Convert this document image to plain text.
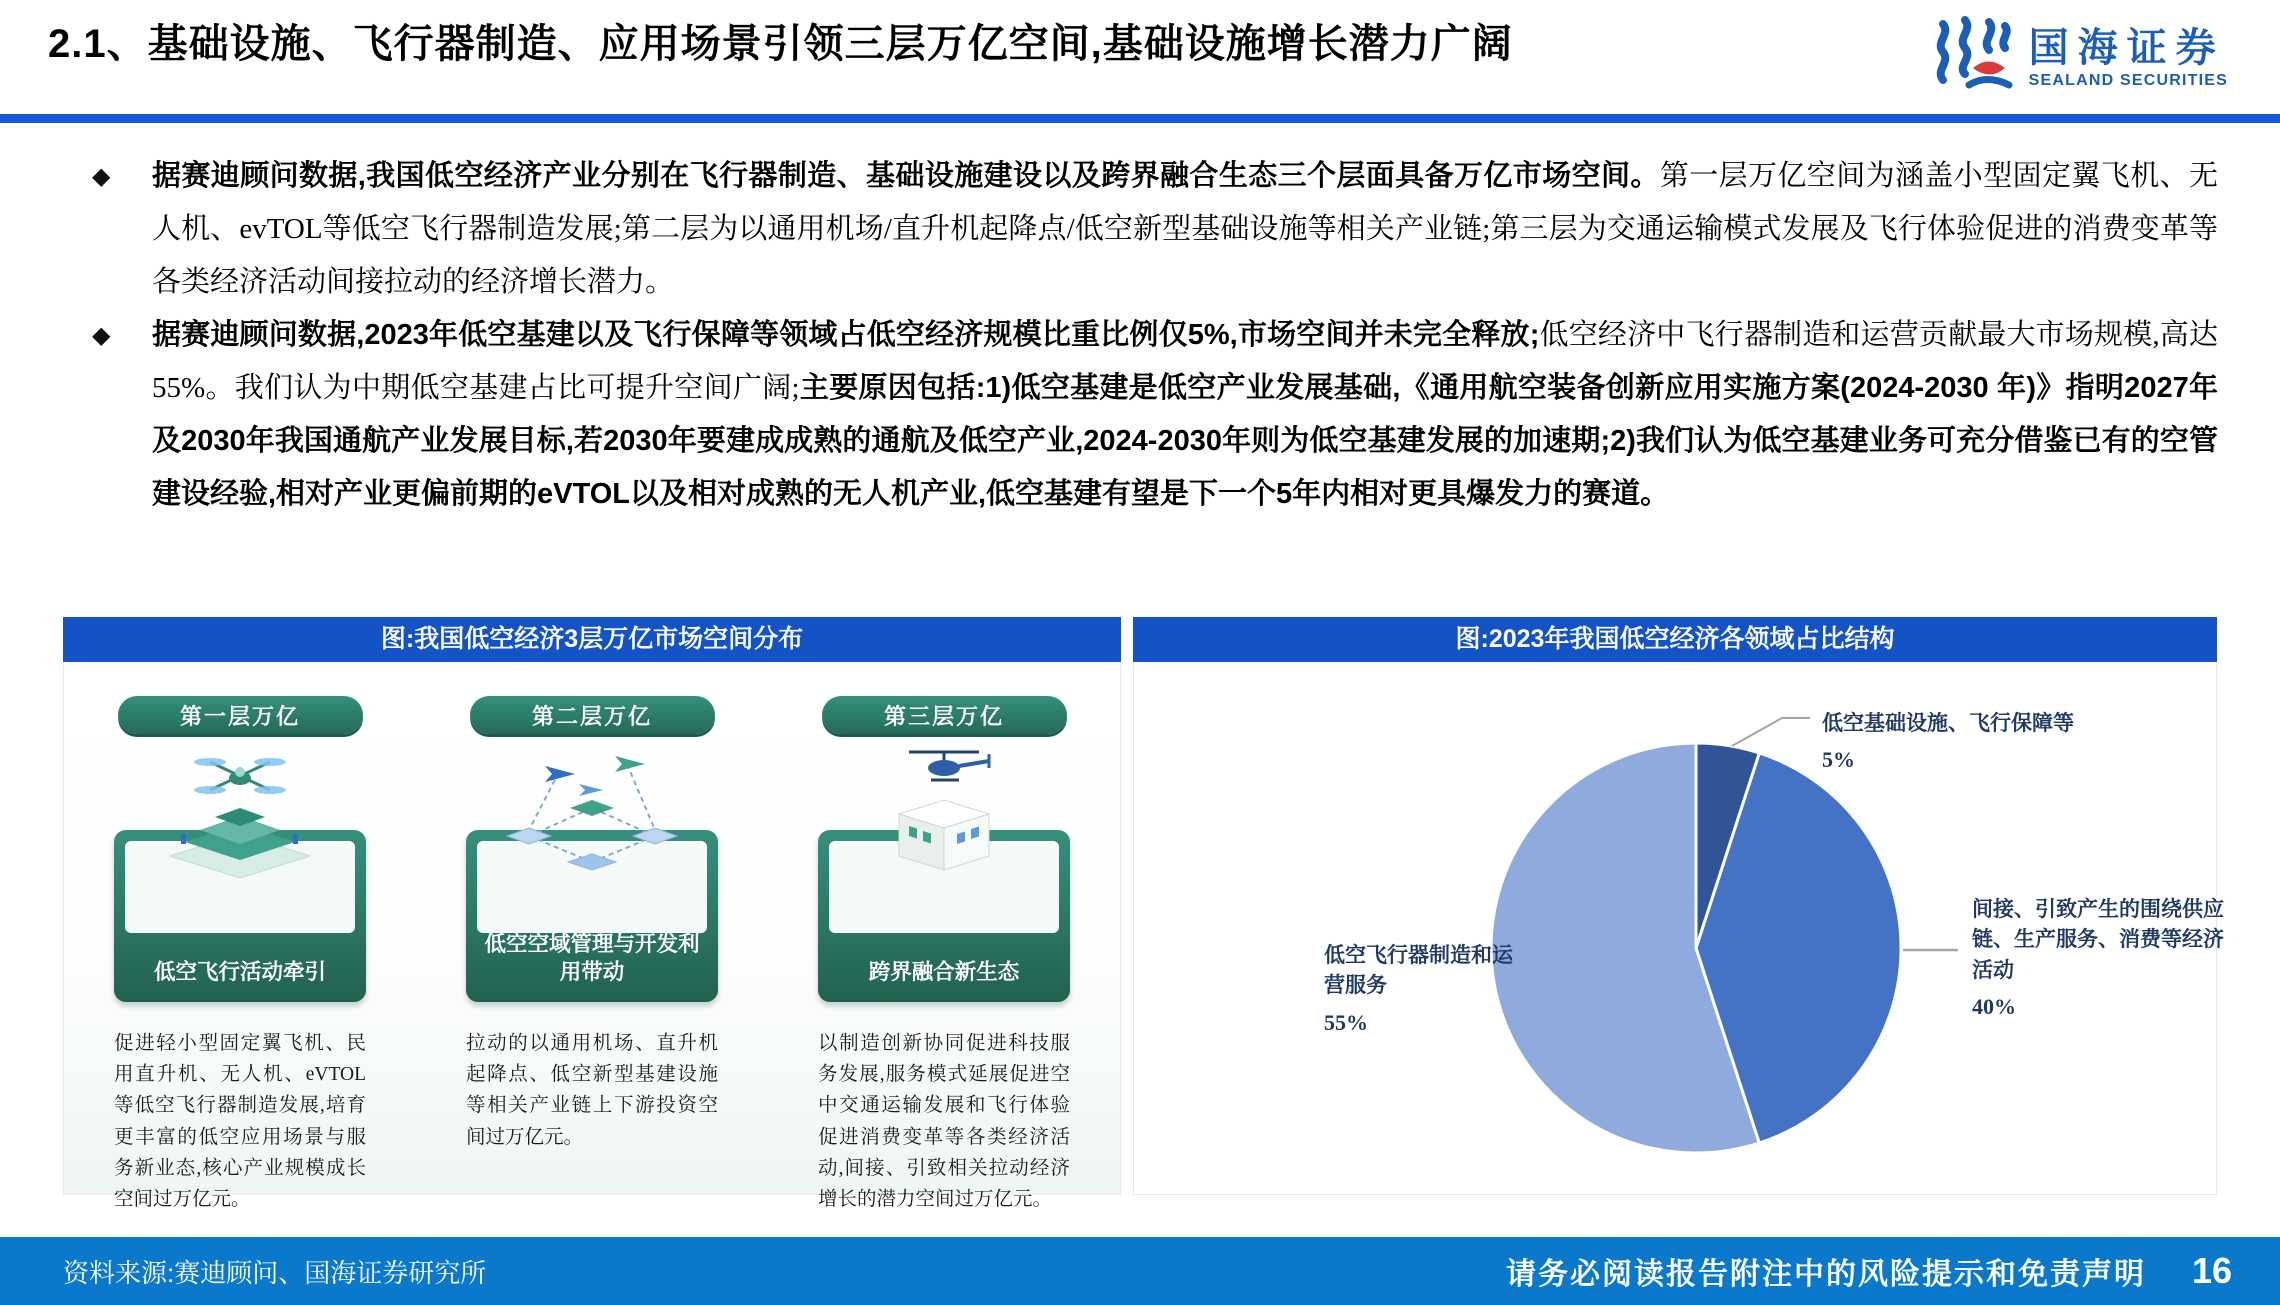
2.1、基础设施、飞行器制造、应用场景引领三层万亿空间,基础设施增长潜力广阔	国海证券
SEALAND SECURITIES
◆ 据赛迪顾问数据,我国低空经济产业分别在飞行器制造、基础设施建设以及跨界融合生态三个层面具备万亿市场空间。第一层万亿空间为涵盖小型固定翼飞机、无人机、evTOL等低空飞行器制造发展;第二层为以通用机场/直升机起降点/低空新型基础设施等相关产业链;第三层为交通运输模式发展及飞行体验促进的消费变革等各类经济活动间接拉动的经济增长潜力。
◆ 据赛迪顾问数据,2023年低空基建以及飞行保障等领域占低空经济规模比重比例仅5%,市场空间并未完全释放;低空经济中飞行器制造和运营贡献最大市场规模,高达55%。我们认为中期低空基建占比可提升空间广阔;主要原因包括:1)低空基建是低空产业发展基础,《通用航空装备创新应用实施方案(2024-2030 年)》指明2027年及2030年我国通航产业发展目标,若2030年要建成成熟的通航及低空产业,2024-2030年则为低空基建发展的加速期;2)我们认为低空基建业务可充分借鉴已有的空管建设经验,相对产业更偏前期的eVTOL以及相对成熟的无人机产业,低空基建有望是下一个5年内相对更具爆发力的赛道。
图:我国低空经济3层万亿市场空间分布
第一层万亿
低空飞行活动牵引

促进轻小型固定翼飞机、民用直升机、无人机、eVTOL等低空飞行器制造发展,培育更丰富的低空应用场景与服务新业态,核心产业规模成长空间过万亿元。

第二层万亿
低空空域管理与开发利用带动

拉动的以通用机场、直升机起降点、低空新型基建设施等相关产业链上下游投资空间过万亿元。

第三层万亿
跨界融合新生态

以制造创新协同促进科技服务发展,服务模式延展促进空中交通运输发展和飞行体验促进消费变革等各类经济活动,间接、引致相关拉动经济增长的潜力空间过万亿元。

图:2023年我国低空经济各领域占比结构
低空基础设施、飞行保障等
5%
间接、引致产生的围绕供应链、生产服务、消费等经济活动
40%
低空飞行器制造和运营服务
55%
资料来源:赛迪顾问、国海证券研究所	请务必阅读报告附注中的风险提示和免责声明 16
